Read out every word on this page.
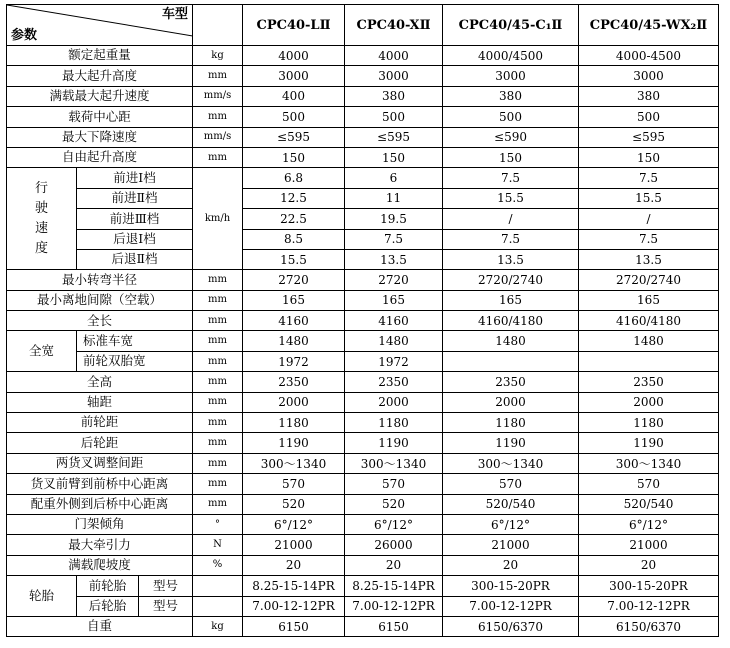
车型
参数				CPC40-LⅡ	CPC40-XⅡ	CPC40/45-C₁Ⅱ	CPC40/45-WX₂Ⅱ
额定起重量			kg	4000	4000	4000/4500	4000-4500
最大起升高度			mm	3000	3000	3000	3000
满载最大起升速度			mm/s	400	380	380	380
载荷中心距			mm	500	500	500	500
最大下降速度			mm/s	≤595	≤595	≤590	≤595
自由起升高度			mm	150	150	150	150
行驶速度	前进Ⅰ档		km/h	6.8	6	7.5	7.5
	前进Ⅱ档			12.5	11	15.5	15.5
	前进Ⅲ档			22.5	19.5	/	/
	后退Ⅰ档			8.5	7.5	7.5	7.5
	后退Ⅱ档			15.5	13.5	13.5	13.5
最小转弯半径			mm	2720	2720	2720/2740	2720/2740
最小离地间隙（空载）			mm	165	165	165	165
全长			mm	4160	4160	4160/4180	4160/4180
全宽	标准车宽		mm	1480	1480	1480	1480
	前轮双胎宽		mm	1972	1972		
全高			mm	2350	2350	2350	2350
轴距			mm	2000	2000	2000	2000
前轮距			mm	1180	1180	1180	1180
后轮距			mm	1190	1190	1190	1190
两货叉调整间距			mm	300～1340	300～1340	300～1340	300～1340
货叉前臂到前桥中心距离			mm	570	570	570	570
配重外侧到后桥中心距离			mm	520	520	520/540	520/540
门架倾角			°	6°/12°	6°/12°	6°/12°	6°/12°
最大牵引力			N	21000	26000	21000	21000
满载爬坡度			%	20	20	20	20
轮胎	前轮胎	型号		8.25-15-14PR	8.25-15-14PR	300-15-20PR	300-15-20PR
	后轮胎	型号		7.00-12-12PR	7.00-12-12PR	7.00-12-12PR	7.00-12-12PR
自重			kg	6150	6150	6150/6370	6150/6370
